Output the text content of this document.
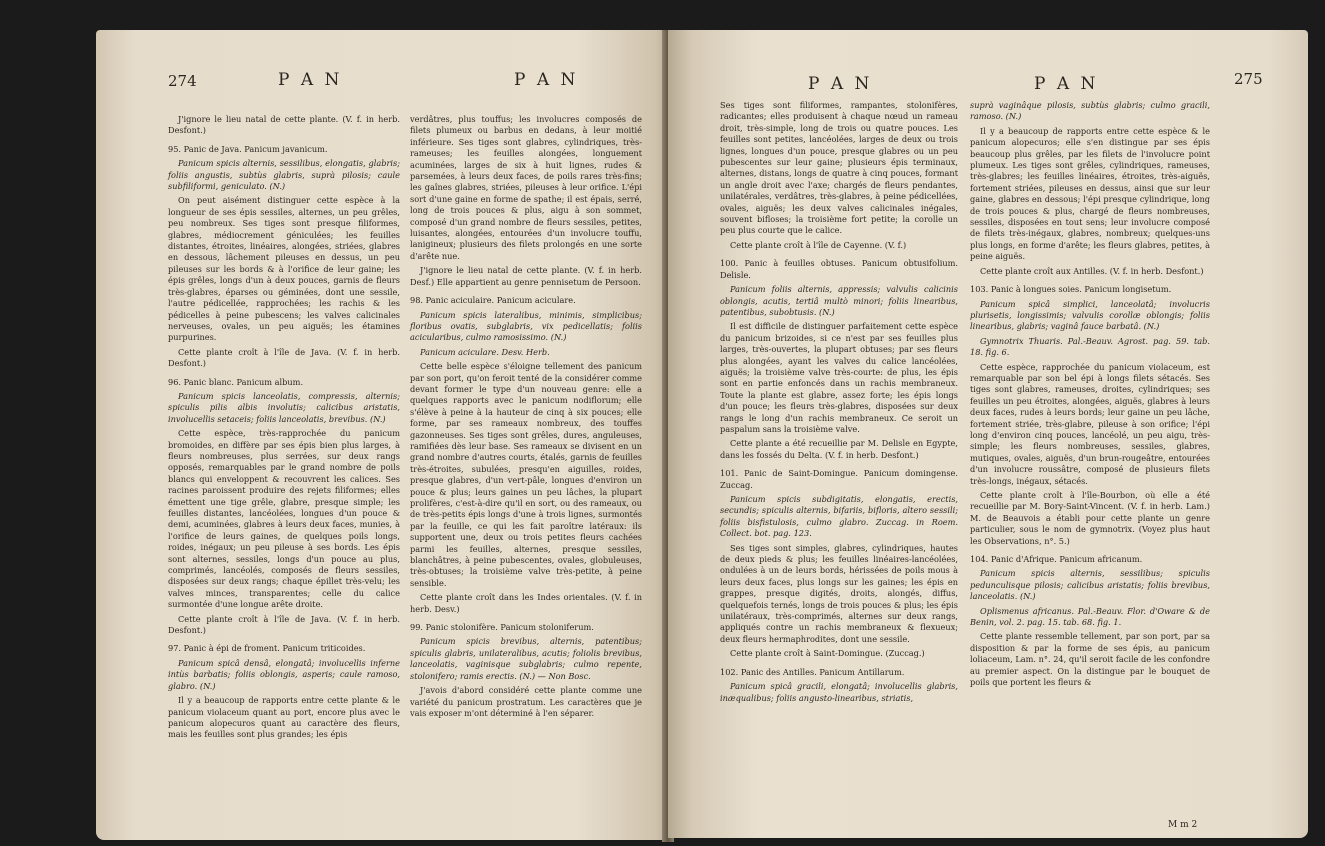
274	P A N	P A N

J'ignore le lieu natal de cette plante. (V. f. in herb. Desfont.)

95. Panic de Java. Panicum javanicum.

Panicum spicis alternis, sessilibus, elongatis, glabris; foliis angustis, subtùs glabris, suprà pilosis; caule subfiliformi, geniculato. (N.)

On peut aisément distinguer cette espèce à la longueur de ses épis sessiles, alternes, un peu grêles, peu nombreux. Ses tiges sont presque filiformes, glabres, médiocrement géniculées; les feuilles distantes, étroites, linéaires, alongées, striées, glabres en dessous, lâchement pileuses en dessus, un peu pileuses sur les bords & à l'orifice de leur gaine; les épis grêles, longs d'un à deux pouces, garnis de fleurs très-glabres, éparses ou géminées, dont une sessile, l'autre pédicellée, rapprochées; les rachis & les pédicelles à peine pubescens; les valves calicinales nerveuses, ovales, un peu aiguës; les étamines purpurines.

Cette plante croît à l'île de Java. (V. f. in herb. Desfont.)

96. Panic blanc. Panicum album.

Panicum spicis lanceolatis, compressis, alternis; spiculis pilis albis involutis; calicibus aristatis, involucellis setaceis; foliis lanceolatis, brevibus. (N.)

Cette espèce, très-rapprochée du panicum bromoides, en diffère par ses épis bien plus larges, à fleurs nombreuses, plus serrées, sur deux rangs opposés, remarquables par le grand nombre de poils blancs qui enveloppent & recouvrent les calices. Ses racines paroissent produire des rejets filiformes; elles émettent une tige grêle, glabre, presque simple; les feuilles distantes, lancéolées, longues d'un pouce & demi, acuminées, glabres à leurs deux faces, munies, à l'orifice de leurs gaines, de quelques poils longs, roides, inégaux; un peu pileuse à ses bords. Les épis sont alternes, sessiles, longs d'un pouce au plus, comprimés, lancéolés, composés de fleurs sessiles, disposées sur deux rangs; chaque épillet très-velu; les valves minces, transparentes; celle du calice surmontée d'une longue arête droite.

Cette plante croît à l'île de Java. (V. f. in herb. Desfont.)

97. Panic à épi de froment. Panicum triticoides.

Panicum spicâ densâ, elongatâ; involucellis inferne intùs barbatis; foliis oblongis, asperis; caule ramoso, glabro. (N.)

Il y a beaucoup de rapports entre cette plante & le panicum violaceum quant au port, encore plus avec le panicum alopecuros quant au caractère des fleurs, mais les feuilles sont plus grandes; les épis

verdâtres, plus touffus; les involucres composés de filets plumeux ou barbus en dedans, à leur moitié inférieure. Ses tiges sont glabres, cylindriques, très-rameuses; les feuilles alongées, longuement acuminées, larges de six à huit lignes, rudes & parsemées, à leurs deux faces, de poils rares très-fins; les gaînes glabres, striées, pileuses à leur orifice. L'épi sort d'une gaine en forme de spathe; il est épais, serré, long de trois pouces & plus, aigu à son sommet, composé d'un grand nombre de fleurs sessiles, petites, luisantes, alongées, entourées d'un involucre touffu, laniginеux; plusieurs des filets prolongés en une sorte d'arête nue.

J'ignore le lieu natal de cette plante. (V. f. in herb. Desf.) Elle appartient au genre pennisetum de Persoon.

98. Panic aciculaire. Panicum aciculare.

Panicum spicis lateralibus, minimis, simplicibus; floribus ovatis, subglabris, vix pedicellatis; foliis acicularibus, culmo ramosissimo. (N.)

Panicum aciculare. Desv. Herb.

Cette belle espèce s'éloigne tellement des panicum par son port, qu'on feroit tenté de la considérer comme devant former le type d'un nouveau genre: elle a quelques rapports avec le panicum nodiflorum; elle s'élève à peine à la hauteur de cinq à six pouces; elle forme, par ses rameaux nombreux, des touffes gazonneuses. Ses tiges sont grêles, dures, anguleuses, ramifiées dès leur base. Ses rameaux se divisent en un grand nombre d'autres courts, étalés, garnis de feuilles très-étroites, subulées, presqu'en aiguilles, roides, presque glabres, d'un vert-pâle, longues d'environ un pouce & plus; leurs gaines un peu lâches, la plupart prolifères, c'est-à-dire qu'il en sort, ou des rameaux, ou de très-petits épis longs d'une à trois lignes, surmontés par la feuille, ce qui les fait paroître latéraux: ils supportent une, deux ou trois petites fleurs cachées parmi les feuilles, alternes, presque sessiles, blanchâtres, à peine pubescentes, ovales, globuleuses, très-obtuses; la troisième valve très-petite, à peine sensible.

Cette plante croît dans les Indes orientales. (V. f. in herb. Desv.)

99. Panic stolonifère. Panicum stoloniferum.

Panicum spicis brevibus, alternis, patentibus; spiculis glabris, unilateralibus, acutis; foliolis brevibus, lanceolatis, vaginisque subglabris; culmo repente, stolonifero; ramis erectis. (N.) — Non Bosc.

J'avois d'abord considéré cette plante comme une variété du panicum prostratum. Les caractères que je vais exposer m'ont déterminé à l'en séparer.

P A N	P A N	275

Ses tiges sont filiformes, rampantes, stolonifères, radicantes; elles produisent à chaque nœud un rameau droit, très-simple, long de trois ou quatre pouces. Les feuilles sont petites, lancéolées, larges de deux ou trois lignes, longues d'un pouce, presque glabres ou un peu pubescentes sur leur gaine; plusieurs épis terminaux, alternes, distans, longs de quatre à cinq pouces, formant un angle droit avec l'axe; chargés de fleurs pendantes, unilatérales, verdâtres, très-glabres, à peine pédicellées, ovales, aiguës; les deux valves calicinales inégales, souvent bifloses; la troisième fort petite; la corolle un peu plus courte que le calice.

Cette plante croît à l'île de Cayenne. (V. f.)

100. Panic à feuilles obtuses. Panicum obtusifolium. Delisle.

Panicum foliis alternis, appressis; valvulis calicinis oblongis, acutis, tertiâ multò minori; foliis linearibus, patentibus, subobtusis. (N.)

Il est difficile de distinguer parfaitement cette espèce du panicum brizoides, si ce n'est par ses feuilles plus larges, très-ouvertes, la plupart obtuses; par ses fleurs plus alongées, ayant les valves du calice lancéolées, aiguës; la troisième valve très-courte: de plus, les épis sont en partie enfoncés dans un rachis membraneux. Toute la plante est glabre, assez forte; les épis longs d'un pouce; les fleurs très-glabres, disposées sur deux rangs le long d'un rachis membraneux. Ce seroit un paspalum sans la troisième valve.

Cette plante a été recueillie par M. Delisle en Egypte, dans les fossés du Delta. (V. f. in herb. Desfont.)

101. Panic de Saint-Domingue. Panicum domingense. Zuccag.

Panicum spicis subdigitatis, elongatis, erectis, secundis; spiculis alternis, bifariis, bifloris, altero sessili; foliis bisfistulosis, culmo glabro. Zuccag. in Roem. Collect. bot. pag. 123.

Ses tiges sont simples, glabres, cylindriques, hautes de deux pieds & plus; les feuilles linéaires-lancéolées, ondulées à un de leurs bords, hérissées de poils mous à leurs deux faces, plus longs sur les gaines; les épis en grappes, presque digités, droits, alongés, diffus, quelquefois ternés, longs de trois pouces & plus; les épis unilatéraux, très-comprimés, alternes sur deux rangs, appliqués contre un rachis membraneux & flexueux; deux fleurs hermaphrodites, dont une sessile.

Cette plante croît à Saint-Domingue. (Zuccag.)

102. Panic des Antilles. Panicum Antillarum.

Panicum spicâ gracili, elongatâ; involucellis glabris, inæqualibus; foliis angusto-linearibus, striatis,

suprà vaginâque pilosis, subtùs glabris; culmo gracili, ramoso. (N.)

Il y a beaucoup de rapports entre cette espèce & le panicum alopecuros; elle s'en distingue par ses épis beaucoup plus grêles, par les filets de l'involucre point plumeux. Les tiges sont grêles, cylindriques, rameuses, très-glabres; les feuilles linéaires, étroites, très-aiguës, fortement striées, pileuses en dessus, ainsi que sur leur gaine, glabres en dessous; l'épi presque cylindrique, long de trois pouces & plus, chargé de fleurs nombreuses, sessiles, disposées en tout sens; leur involucre composé de filets très-inégaux, glabres, nombreux; quelques-uns plus longs, en forme d'arête; les fleurs glabres, petites, à peine aiguës.

Cette plante croît aux Antilles. (V. f. in herb. Desfont.)

103. Panic à longues soies. Panicum longisetum.

Panicum spicâ simplici, lanceolatâ; involucris plurisetis, longissimis; valvulis corollæ oblongis; foliis linearibus, glabris; vaginâ fauce barbatâ. (N.)

Gymnotrix Thuaris. Pal.-Beauv. Agrost. pag. 59. tab. 18. fig. 6.

Cette espèce, rapprochée du panicum violaceum, est remarquable par son bel épi à longs filets sétacés. Ses tiges sont glabres, rameuses, droites, cylindriques; ses feuilles un peu étroites, alongées, aiguës, glabres à leurs deux faces, rudes à leurs bords; leur gaine un peu lâche, fortement striée, très-glabre, pileuse à son orifice; l'épi long d'environ cinq pouces, lancéolé, un peu aigu, très-simple; les fleurs nombreuses, sessiles, glabres, mutiques, ovales, aiguës, d'un brun-rougeâtre, entourées d'un involucre roussâtre, composé de plusieurs filets très-longs, inégaux, sétacés.

Cette plante croît à l'île-Bourbon, où elle a été recueillie par M. Bory-Saint-Vincent. (V. f. in herb. Lam.) M. de Beauvois a établi pour cette plante un genre particulier, sous le nom de gymnotrix. (Voyez plus haut les Observations, n°. 5.)

104. Panic d'Afrique. Panicum africanum.

Panicum spicis alternis, sessilibus; spiculis pedunculisque pilosis; calicibus aristatis; foliis brevibus, lanceolatis. (N.)

Oplismenus africanus. Pal.-Beauv. Flor. d'Oware & de Benin, vol. 2. pag. 15. tab. 68. fig. 1.

Cette plante ressemble tellement, par son port, par sa disposition & par la forme de ses épis, au panicum loliaceum, Lam. n°. 24, qu'il seroit facile de les confondre au premier aspect. On la distingue par le bouquet de poils que portent les fleurs &

M m 2
